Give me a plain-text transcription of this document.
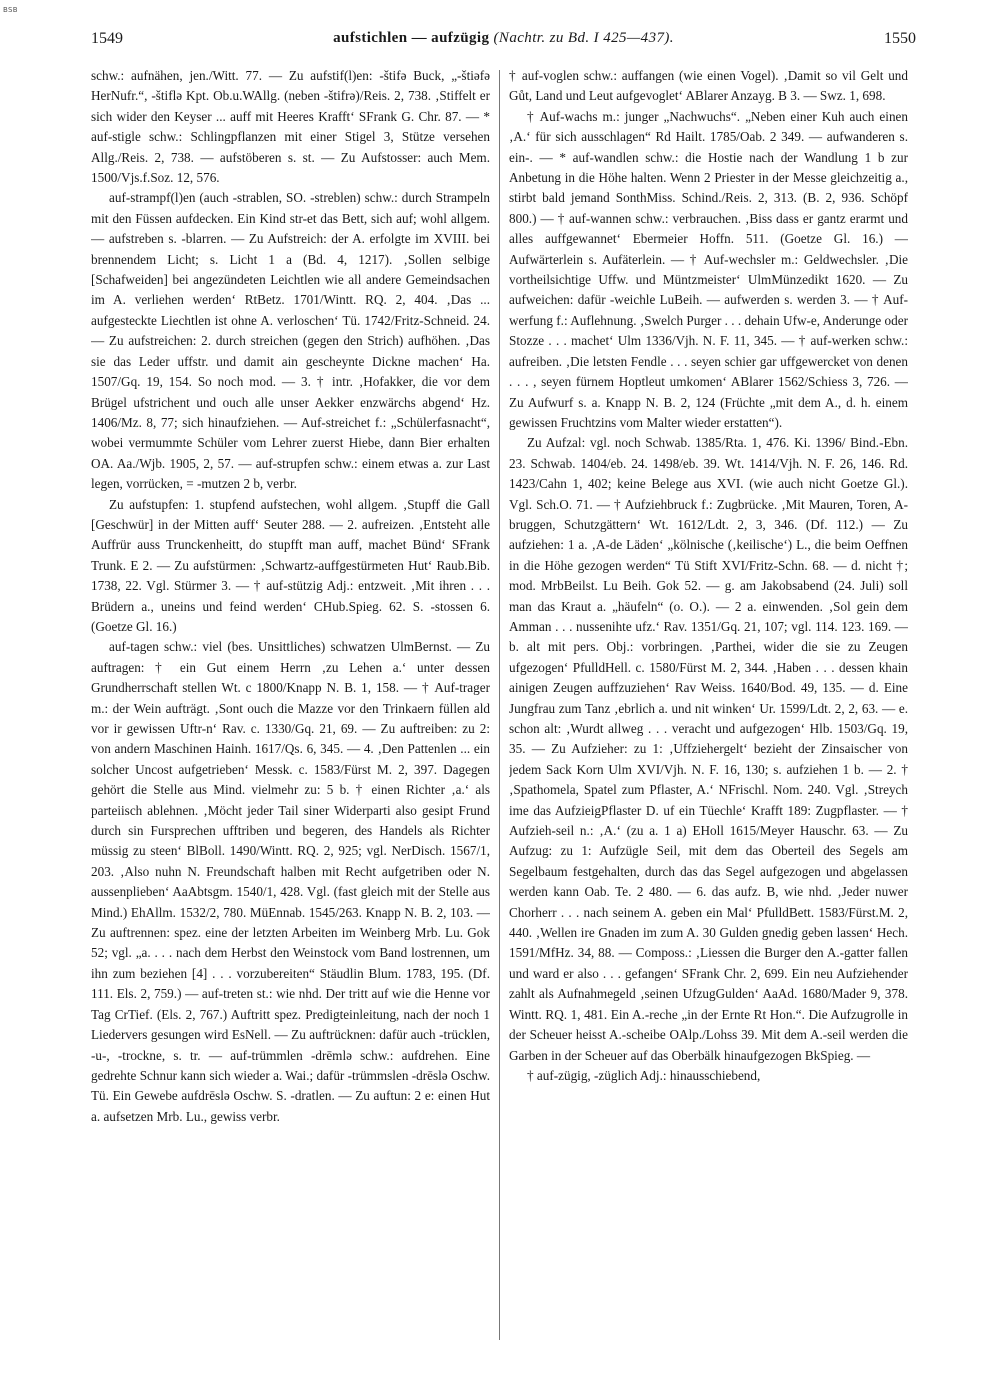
BSB
1549	aufstichlen — aufzügig (Nachtr. zu Bd. I 425—437).	1550

schw.: aufnähen, jen./Witt. 77. — Zu aufstif(l)en: -štifə Buck, „-štiəfə HerNufr.“, -štiflə Kpt. Ob.u.WAllg. (neben -štifrə)/Reis. 2, 738. ‚Stiffelt er sich wider den Keyser ... auff mit Heeres Krafft‘ SFrank G. Chr. 87. — * auf-stigle schw.: Schlingpflanzen mit einer Stigel 3, Stütze versehen Allg./Reis. 2, 738. — aufstöberen s. st. — Zu Aufstosser: auch Mem. 1500/Vjs.f.Soz. 12, 576.

auf-strampf(l)en (auch -strablen, SO. -streblen) schw.: durch Strampeln mit den Füssen aufdecken. Ein Kind str-et das Bett, sich auf; wohl allgem. — aufstreben s. -blarren. — Zu Aufstreich: der A. erfolgte im XVIII. bei brennendem Licht; s. Licht 1 a (Bd. 4, 1217). ‚Sollen selbige [Schafweiden] bei angezündeten Leichtlen wie all andere Gemeindsachen im A. verliehen werden‘ RtBetz. 1701/Wintt. RQ. 2, 404. ‚Das ... aufgesteckte Liechtlen ist ohne A. verloschen‘ Tü. 1742/Fritz-Schneid. 24. — Zu aufstreichen: 2. durch streichen (gegen den Strich) aufhöhen. ‚Das sie das Leder uffstr. und damit ain gescheynte Dickne machen‘ Ha. 1507/Gq. 19, 154. So noch mod. — 3. † intr. ‚Hofakker, die vor dem Brügel ufstrichent und ouch alle unser Aekker enzwärchs abgend‘ Hz. 1406/Mz. 8, 77; sich hinaufziehen. — Auf-streichet f.: „Schülerfasnacht“, wobei vermummte Schüler vom Lehrer zuerst Hiebe, dann Bier erhalten OA. Aa./Wjb. 1905, 2, 57. — auf-strupfen schw.: einem etwas a. zur Last legen, vorrücken, = -mutzen 2 b, verbr.

Zu aufstupfen: 1. stupfend aufstechen, wohl allgem. ‚Stupff die Gall [Geschwür] in der Mitten auff‘ Seuter 288. — 2. aufreizen. ‚Entsteht alle Auffrür auss Trunckenheitt, do stupfft man auff, machet Bünd‘ SFrank Trunk. E 2. — Zu aufstürmen: ‚Schwartz-auffgestürmeten Hut‘ Raub.Bib. 1738, 22. Vgl. Stürmer 3. — † auf-stützig Adj.: entzweit. ‚Mit ihren . . . Brüdern a., uneins und feind werden‘ CHub.Spieg. 62. S. -stossen 6. (Goetze Gl. 16.)

auf-tagen schw.: viel (bes. Unsittliches) schwatzen UlmBernst. — Zu auftragen: † ein Gut einem Herrn ‚zu Lehen a.‘ unter dessen Grundherrschaft stellen Wt. c 1800/Knapp N. B. 1, 158. — † Auf-trager m.: der Wein aufträgt. ‚Sont ouch die Mazze vor den Trinkaern füllen ald vor ir gewissen Uftr-n‘ Rav. c. 1330/Gq. 21, 69. — Zu auftreiben: zu 2: von andern Maschinen Hainh. 1617/Qs. 6, 345. — 4. ‚Den Pattenlen ... ein solcher Uncost aufgetrieben‘ Messk. c. 1583/Fürst M. 2, 397. Dagegen gehört die Stelle aus Mind. vielmehr zu: 5 b. † einen Richter ‚a.‘ als parteiisch ablehnen. ‚Möcht jeder Tail siner Widerparti also gesipt Frund durch sin Fursprechen ufftriben und begeren, des Handels als Richter müssig zu steen‘ BlBoll. 1490/Wintt. RQ. 2, 925; vgl. NerDisch. 1567/1, 203. ‚Also nuhn N. Freundschaft halben mit Recht aufgetriben oder N. aussenplieben‘ AaAbtsgm. 1540/1, 428. Vgl. (fast gleich mit der Stelle aus Mind.) EhAllm. 1532/2, 780. MüEnnab. 1545/263. Knapp N. B. 2, 103. — Zu auftrennen: spez. eine der letzten Arbeiten im Weinberg Mrb. Lu. Gok 52; vgl. „a. . . . nach dem Herbst den Weinstock vom Band lostrennen, um ihn zum beziehen [4] . . . vorzubereiten“ Stäudlin Blum. 1783, 195. (Df. 111. Els. 2, 759.) — auf-treten st.: wie nhd. Der tritt auf wie die Henne vor Tag CrTief. (Els. 2, 767.) Auftritt spez. Predigteinleitung, nach der noch 1 Liedervers gesungen wird EsNell. — Zu auftrücknen: dafür auch -trücklen, -u-, -trockne, s. tr. — auf-trümmlen -drēmlə schw.: aufdrehen. Eine gedrehte Schnur kann sich wieder a. Wai.; dafür -trümmslen -drēslə Oschw. Tü. Ein Gewebe aufdrēslə Oschw. S. -dratlen. — Zu auftun: 2 e: einen Hut a. aufsetzen Mrb. Lu., gewiss verbr.

† auf-voglen schw.: auffangen (wie einen Vogel). ‚Damit so vil Gelt und Gůt, Land und Leut aufgevoglet‘ ABlarer Anzayg. B 3. — Swz. 1, 698.

† Auf-wachs m.: junger „Nachwuchs“. „Neben einer Kuh auch einen ‚A.‘ für sich ausschlagen“ Rd Hailt. 1785/Oab. 2 349. — aufwanderen s. ein-. — * auf-wandlen schw.: die Hostie nach der Wandlung 1 b zur Anbetung in die Höhe halten. Wenn 2 Priester in der Messe gleichzeitig a., stirbt bald jemand SonthMiss. Schind./Reis. 2, 313. (B. 2, 936. Schöpf 800.) — † auf-wannen schw.: verbrauchen. ‚Biss dass er gantz erarmt und alles auffgewannet‘ Ebermeier Hoffn. 511. (Goetze Gl. 16.) — Aufwärterlein s. Aufäterlein. — † Auf-wechsler m.: Geldwechsler. ‚Die vortheilsichtige Uffw. und Müntzmeister‘ UlmMünzedikt 1620. — Zu aufweichen: dafür -weichle LuBeih. — aufwerden s. werden 3. — † Auf-werfung f.: Auflehnung. ‚Swelch Purger . . . dehain Ufw-e, Anderunge oder Stozze . . . machet‘ Ulm 1336/Vjh. N. F. 11, 345. — † auf-werken schw.: aufreiben. ‚Die letsten Fendle . . . seyen schier gar uffgewercket von denen . . . , seyen fürnem Hoptleut umkomen‘ ABlarer 1562/Schiess 3, 726. — Zu Aufwurf s. a. Knapp N. B. 2, 124 (Früchte „mit dem A., d. h. einem gewissen Fruchtzins vom Malter wieder erstatten“).

Zu Aufzal: vgl. noch Schwab. 1385/Rta. 1, 476. Ki. 1396/ Bind.-Ebn. 23. Schwab. 1404/eb. 24. 1498/eb. 39. Wt. 1414/Vjh. N. F. 26, 146. Rd. 1423/Cahn 1, 402; keine Belege aus XVI. (wie auch nicht Goetze Gl.). Vgl. Sch.O. 71. — † Aufziehbruck f.: Zugbrücke. ‚Mit Mauren, Toren, A-bruggen, Schutzgättern‘ Wt. 1612/Ldt. 2, 3, 346. (Df. 112.) — Zu aufziehen: 1 a. ‚A-de Läden‘ „kölnische (‚keilische‘) L., die beim Oeffnen in die Höhe gezogen werden“ Tü Stift XVI/Fritz-Schn. 68. — d. nicht †; mod. MrbBeilst. Lu Beih. Gok 52. — g. am Jakobsabend (24. Juli) soll man das Kraut a. „häufeln“ (o. O.). — 2 a. einwenden. ‚Sol gein dem Amman . . . nussenihte ufz.‘ Rav. 1351/Gq. 21, 107; vgl. 114. 123. 169. — b. alt mit pers. Obj.: vorbringen. ‚Parthei, wider die sie zu Zeugen ufgezogen‘ PfulldHell. c. 1580/Fürst M. 2, 344. ‚Haben . . . dessen khain ainigen Zeugen auffzuziehen‘ Rav Weiss. 1640/Bod. 49, 135. — d. Eine Jungfrau zum Tanz ‚ebrlich a. und nit winken‘ Ur. 1599/Ldt. 2, 2, 63. — e. schon alt: ‚Wurdt allweg . . . veracht und aufgezogen‘ Hlb. 1503/Gq. 19, 35. — Zu Aufzieher: zu 1: ‚Uffziehergelt‘ bezieht der Zinsaischer von jedem Sack Korn Ulm XVI/Vjh. N. F. 16, 130; s. aufziehen 1 b. — 2. † ‚Spathomela, Spatel zum Pflaster, A.‘ NFrischl. Nom. 240. Vgl. ‚Streych ime das AufzieigPflaster D. uf ein Tüechle‘ Krafft 189: Zugpflaster. — † Aufzieh-seil n.: ‚A.‘ (zu a. 1 a) EHoll 1615/Meyer Hauschr. 63. — Zu Aufzug: zu 1: Aufzügle Seil, mit dem das Oberteil des Segels am Segelbaum festgehalten, durch das das Segel aufgezogen und abgelassen werden kann Oab. Te. 2 480. — 6. das aufz. B, wie nhd. ‚Jeder nuwer Chorherr . . . nach seinem A. geben ein Mal‘ PfulldBett. 1583/Fürst.M. 2, 440. ‚Wellen ire Gnaden im zum A. 30 Gulden gnedig geben lassen‘ Hech. 1591/MfHz. 34, 88. — Composs.: ‚Liessen die Burger den A.-gatter fallen und ward er also . . . gefangen‘ SFrank Chr. 2, 699. Ein neu Aufziehender zahlt als Aufnahmegeld ‚seinen UfzugGulden‘ AaAd. 1680/Mader 9, 378. Wintt. RQ. 1, 481. Ein A.-reche „in der Ernte Rt Hon.“. Die Aufzugrolle in der Scheuer heisst A.-scheibe OAlp./Lohss 39. Mit dem A.-seil werden die Garben in der Scheuer auf das Oberbälk hinaufgezogen BkSpieg. —

† auf-zügig, -züglich Adj.: hinausschiebend,
